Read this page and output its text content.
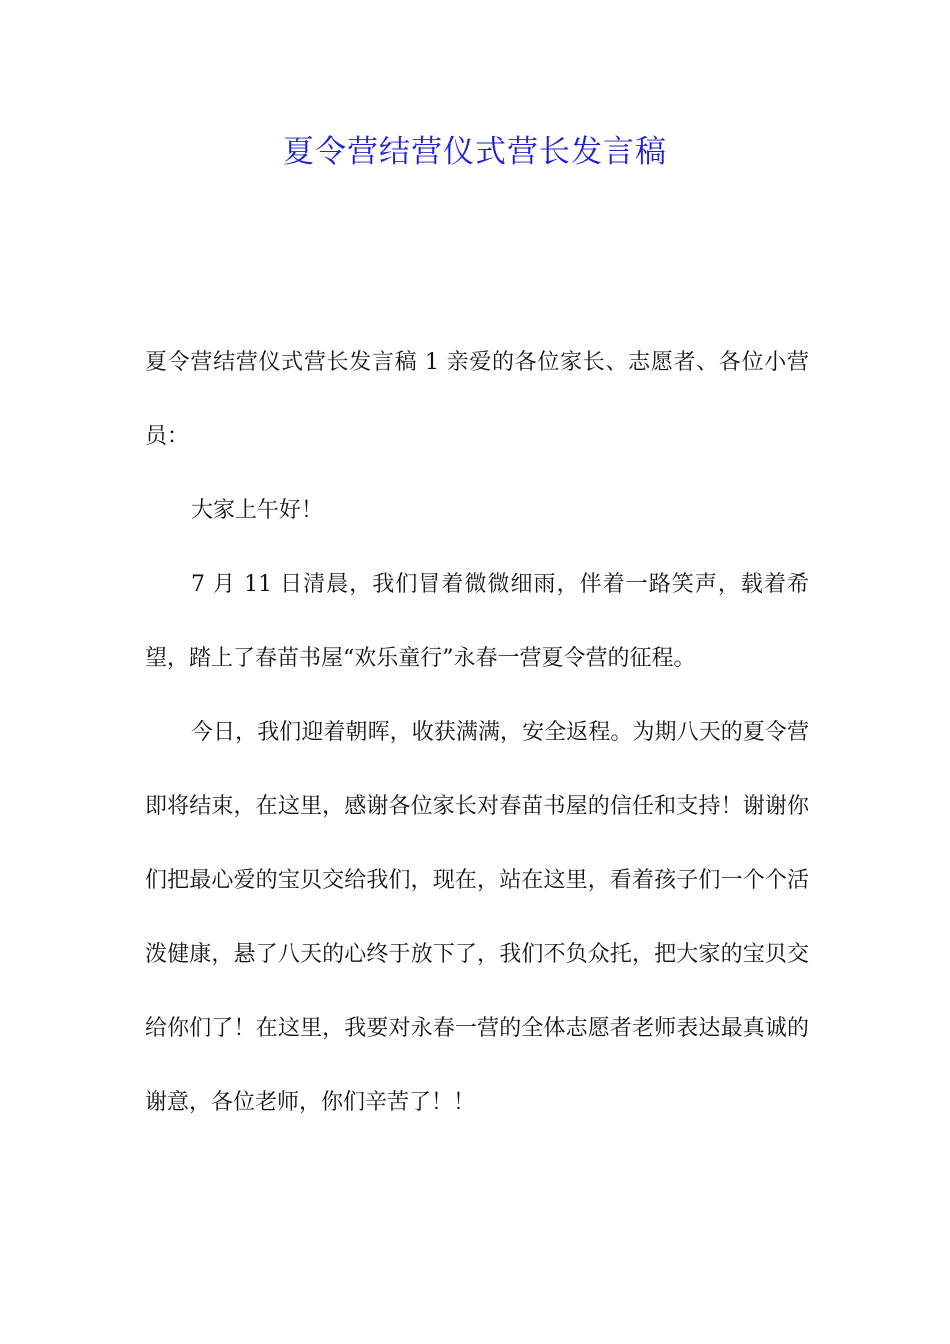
夏令营结营仪式营长发言稿

夏令营结营仪式营长发言稿 1 亲爱的各位家长、志愿者、各位小营员：

大家上午好！

7 月 11 日清晨，我们冒着微微细雨，伴着一路笑声，载着希望，踏上了春苗书屋“欢乐童行”永春一营夏令营的征程。

今日，我们迎着朝晖，收获满满，安全返程。为期八天的夏令营即将结束，在这里，感谢各位家长对春苗书屋的信任和支持！谢谢你们把最心爱的宝贝交给我们，现在，站在这里，看着孩子们一个个活泼健康，悬了八天的心终于放下了，我们不负众托，把大家的宝贝交给你们了！在这里，我要对永春一营的全体志愿者老师表达最真诚的谢意，各位老师，你们辛苦了！！
